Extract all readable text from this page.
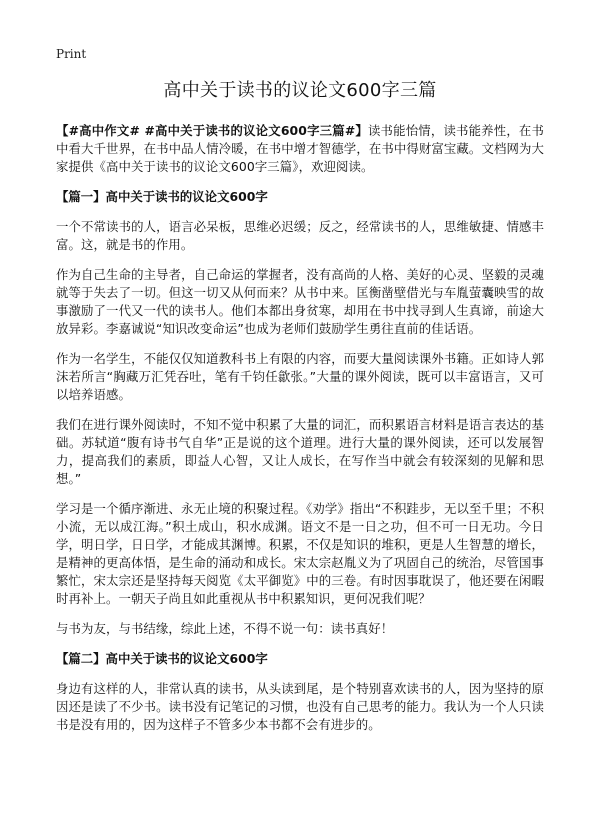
Print
高中关于读书的议论文600字三篇

【#高中作文# #高中关于读书的议论文600字三篇#】读书能怡情，读书能养性，在书中看大千世界，在书中品人情冷暖，在书中增才智德学，在书中得财富宝藏。文档网为大家提供《高中关于读书的议论文600字三篇》，欢迎阅读。

【篇一】高中关于读书的议论文600字

一个不常读书的人，语言必呆板，思维必迟缓；反之，经常读书的人，思维敏捷、情感丰富。这，就是书的作用。

作为自己生命的主导者，自己命运的掌握者，没有高尚的人格、美好的心灵、坚毅的灵魂就等于失去了一切。但这一切又从何而来？从书中来。匡衡凿壁借光与车胤萤囊映雪的故事激励了一代又一代的读书人。他们本都出身贫寒，却用在书中找寻到人生真谛，前途大放异彩。李嘉诚说“知识改变命运”也成为老师们鼓励学生勇往直前的佳话语。

作为一名学生，不能仅仅知道教科书上有限的内容，而要大量阅读课外书籍。正如诗人郭沫若所言“胸藏万汇凭吞吐，笔有千钧任歙张。”大量的课外阅读，既可以丰富语言，又可以培养语感。

我们在进行课外阅读时，不知不觉中积累了大量的词汇，而积累语言材料是语言表达的基础。苏轼道“腹有诗书气自华”正是说的这个道理。进行大量的课外阅读，还可以发展智力，提高我们的素质，即益人心智，又让人成长，在写作当中就会有较深刻的见解和思想。”

学习是一个循序渐进、永无止境的积聚过程。《劝学》指出“不积跬步，无以至千里；不积小流，无以成江海。”积土成山，积水成渊。语文不是一日之功，但不可一日无功。今日学，明日学，日日学，才能成其渊博。积累，不仅是知识的堆积，更是人生智慧的增长，是精神的更高体悟，是生命的涌动和成长。宋太宗赵胤义为了巩固自己的统治，尽管国事繁忙，宋太宗还是坚持每天阅览《太平御览》中的三卷。有时因事耽误了，他还要在闲暇时再补上。一朝天子尚且如此重视从书中积累知识，更何况我们呢？

与书为友，与书结缘，综此上述，不得不说一句：读书真好！

【篇二】高中关于读书的议论文600字

身边有这样的人，非常认真的读书，从头读到尾，是个特别喜欢读书的人，因为坚持的原因还是读了不少书。读书没有记笔记的习惯，也没有自己思考的能力。我认为一个人只读书是没有用的，因为这样子不管多少本书都不会有进步的。
